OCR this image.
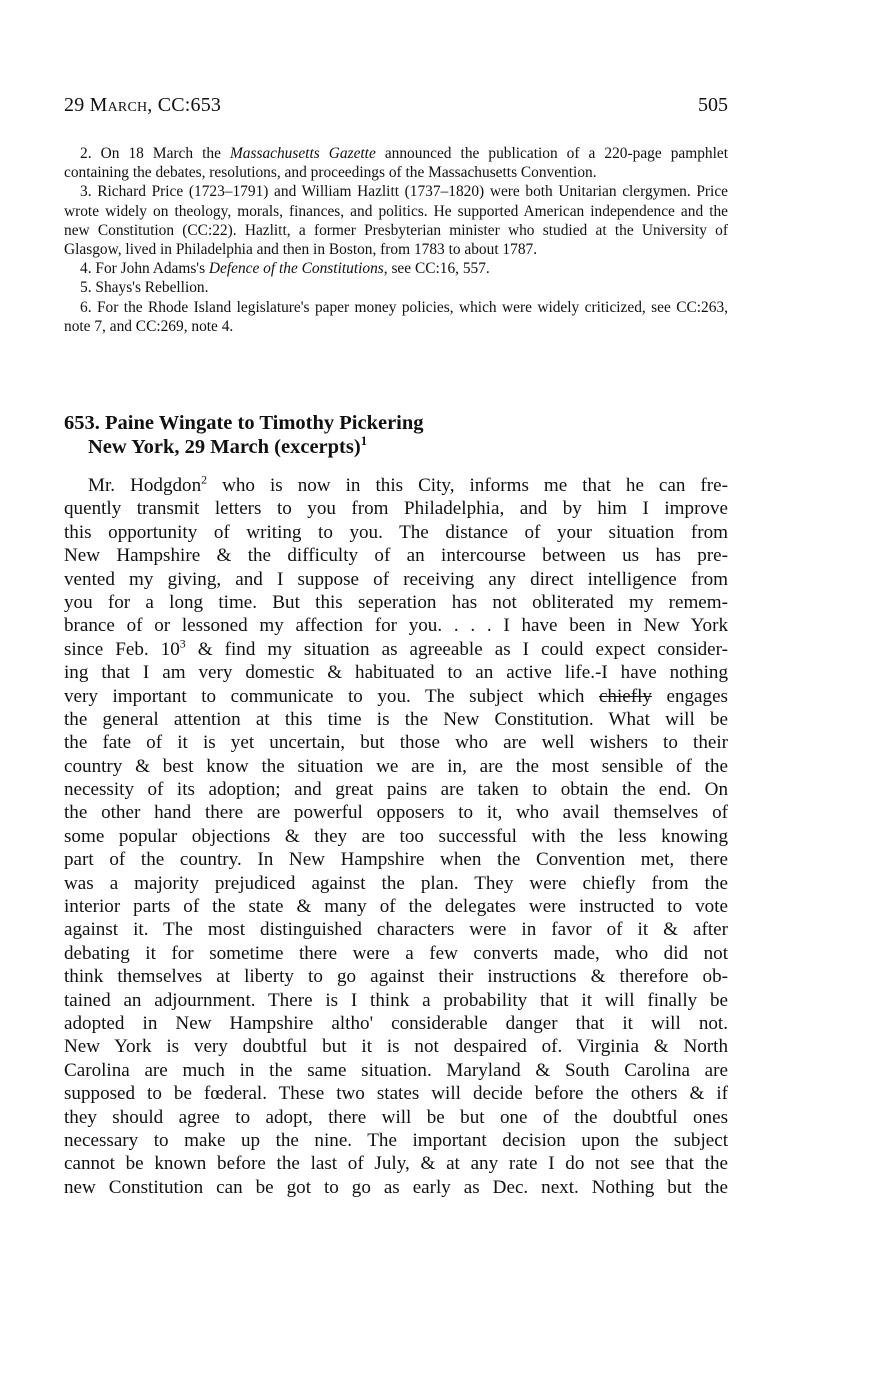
29 March, CC:653	505

2. On 18 March the Massachusetts Gazette announced the publication of a 220-page pamphlet containing the debates, resolutions, and proceedings of the Massachusetts Convention.

3. Richard Price (1723–1791) and William Hazlitt (1737–1820) were both Unitarian clergymen. Price wrote widely on theology, morals, finances, and politics. He supported American independence and the new Constitution (CC:22). Hazlitt, a former Presbyterian minister who studied at the University of Glasgow, lived in Philadelphia and then in Boston, from 1783 to about 1787.

4. For John Adams's Defence of the Constitutions, see CC:16, 557.

5. Shays's Rebellion.

6. For the Rhode Island legislature's paper money policies, which were widely criticized, see CC:263, note 7, and CC:269, note 4.

653. Paine Wingate to Timothy Pickering
New York, 29 March (excerpts)$^1$
Mr. Hodgdon$^2$ who is now in this City, informs me that he can fre-
quently transmit letters to you from Philadelphia, and by him I improve
this opportunity of writing to you. The distance of your situation from
New Hampshire & the difficulty of an intercourse between us has pre-
vented my giving, and I suppose of receiving any direct intelligence from
you for a long time. But this seperation has not obliterated my remem-
brance of or lessoned my affection for you. . . . I have been in New York
since Feb. $10^3$ & find my situation as agreeable as I could expect consider-
ing that I am very domestic & habituated to an active life.-I have nothing
very important to communicate to you. The subject which chiefly engages
the general attention at this time is the New Constitution. What will be
the fate of it is yet uncertain, but those who are well wishers to their
country & best know the situation we are in, are the most sensible of the
necessity of its adoption; and great pains are taken to obtain the end. On
the other hand there are powerful opposers to it, who avail themselves of
some popular objections & they are too successful with the less knowing
part of the country. In New Hampshire when the Convention met, there
was a majority prejudiced against the plan. They were chiefly from the
interior parts of the state & many of the delegates were instructed to vote
against it. The most distinguished characters were in favor of it & after
debating it for sometime there were a few converts made, who did not
think themselves at liberty to go against their instructions & therefore ob-
tained an adjournment. There is I think a probability that it will finally be
adopted in New Hampshire altho' considerable danger that it will not.
New York is very doubtful but it is not despaired of. Virginia & North
Carolina are much in the same situation. Maryland & South Carolina are
supposed to be fœderal. These two states will decide before the others & if
they should agree to adopt, there will be but one of the doubtful ones
necessary to make up the nine. The important decision upon the subject
cannot be known before the last of July, & at any rate I do not see that the
new Constitution can be got to go as early as Dec. next. Nothing but the
